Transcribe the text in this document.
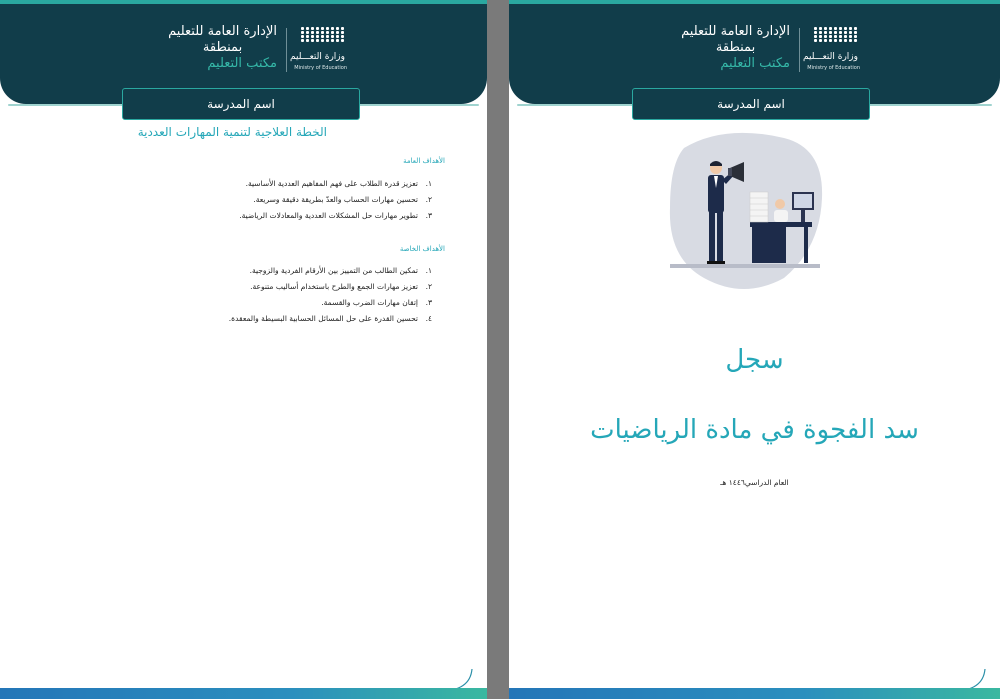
الإدارة العامة للتعليم
بمنطقة
مكتب التعليم وزارة التعـــليم
Ministry of Education
اسم المدرسة
الخطة العلاجية لتنمية المهارات العددية
الأهداف العامة
١.تعزيز قدرة الطلاب على فهم المفاهيم العددية الأساسية.
٢.تحسين مهارات الحساب والعدّ بطريقة دقيقة وسريعة.
٣.تطوير مهارات حل المشكلات العددية والمعادلات الرياضية.
الأهداف الخاصة
١.تمكين الطالب من التمييز بين الأرقام الفردية والزوجية.
٢.تعزيز مهارات الجمع والطرح باستخدام أساليب متنوعة.
٣.إتقان مهارات الضرب والقسمة.
٤.تحسين القدرة على حل المسائل الحسابية البسيطة والمعقدة.
الإدارة العامة للتعليم
بمنطقة
مكتب التعليم وزارة التعـــليم
Ministry of Education
اسم المدرسة
سجل
سد الفجوة في مادة الرياضيات
العام الدراسي١٤٤٦ هـ
